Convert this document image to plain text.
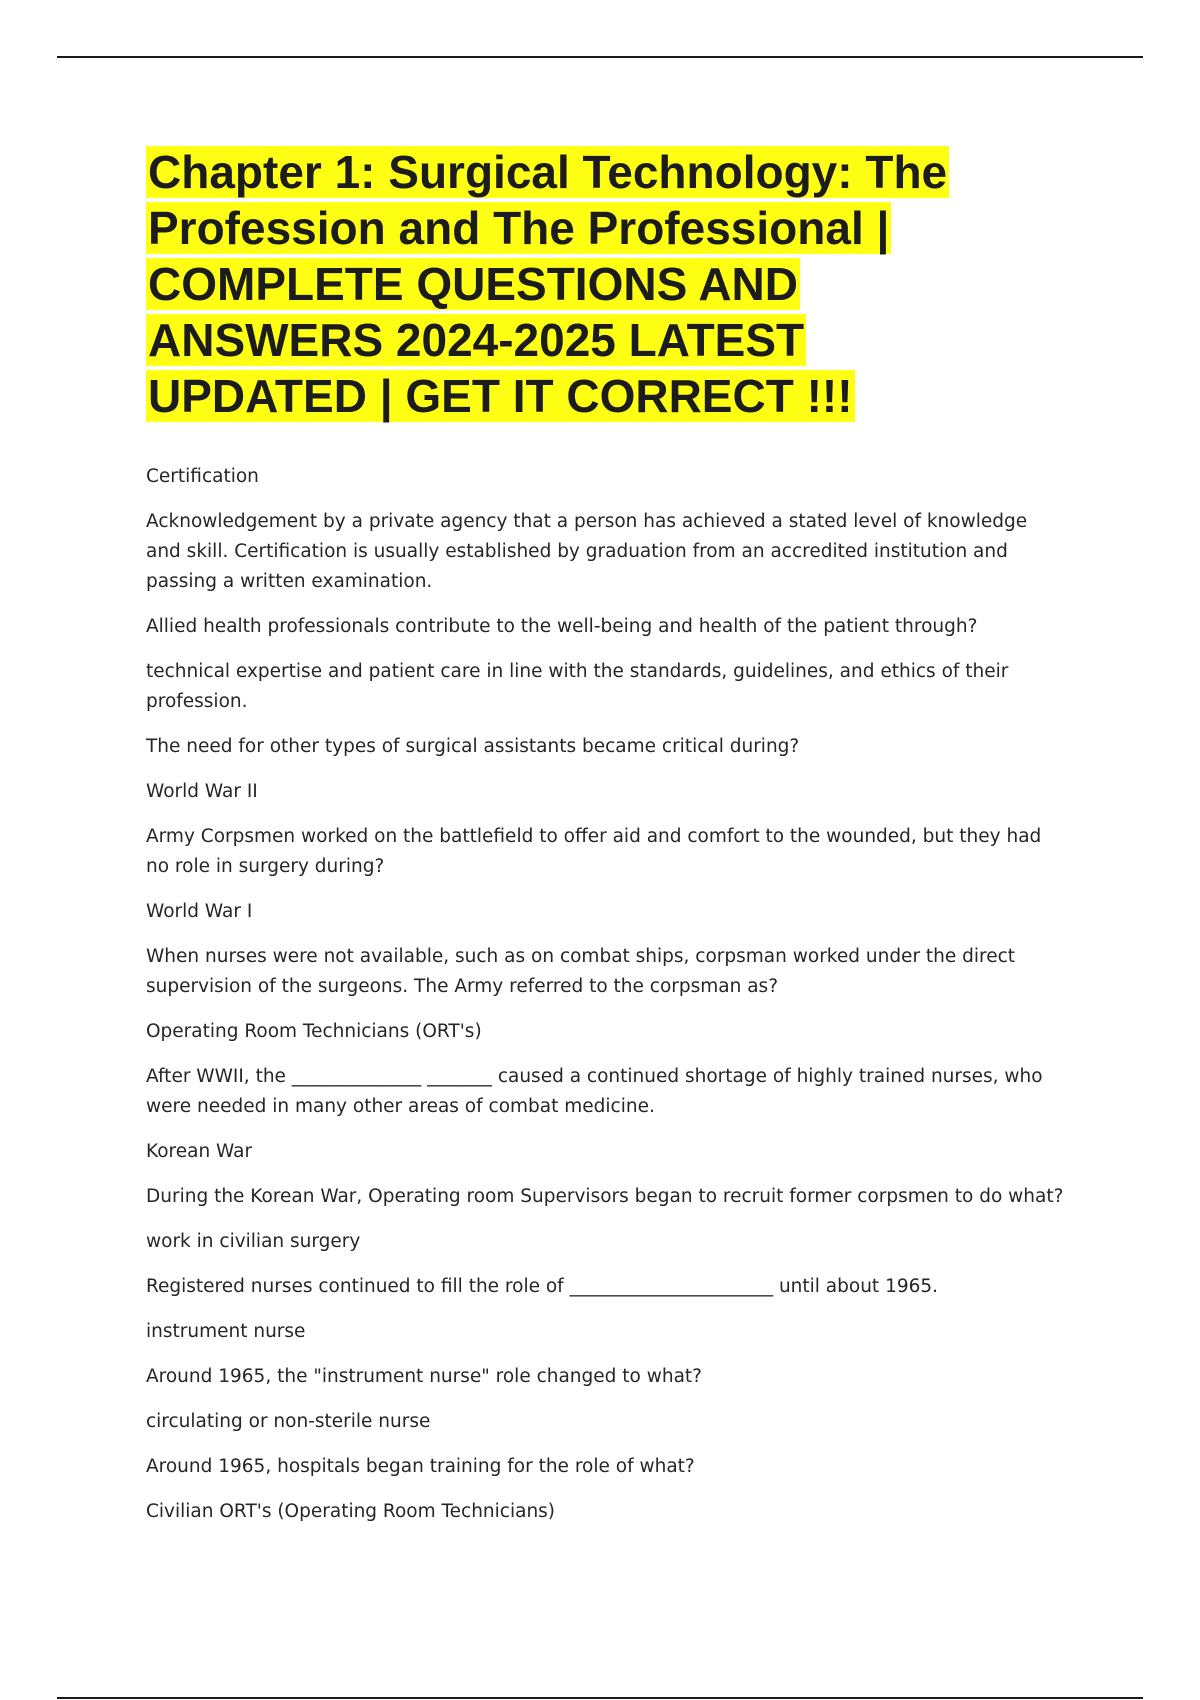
Chapter 1: Surgical Technology: The Profession and The Professional | COMPLETE QUESTIONS AND ANSWERS 2024-2025 LATEST UPDATED | GET IT CORRECT !!!

Certification

Acknowledgement by a private agency that a person has achieved a stated level of knowledge and skill. Certification is usually established by graduation from an accredited institution and passing a written examination.

Allied health professionals contribute to the well-being and health of the patient through?

technical expertise and patient care in line with the standards, guidelines, and ethics of their profession.

The need for other types of surgical assistants became critical during?

World War II

Army Corpsmen worked on the battlefield to offer aid and comfort to the wounded, but they had no role in surgery during?

World War I

When nurses were not available, such as on combat ships, corpsman worked under the direct supervision of the surgeons. The Army referred to the corpsman as?

Operating Room Technicians (ORT's)

After WWII, the ______________ _______ caused a continued shortage of highly trained nurses, who were needed in many other areas of combat medicine.

Korean War

During the Korean War, Operating room Supervisors began to recruit former corpsmen to do what?

work in civilian surgery

Registered nurses continued to fill the role of ______________________ until about 1965.

instrument nurse

Around 1965, the "instrument nurse" role changed to what?

circulating or non-sterile nurse

Around 1965, hospitals began training for the role of what?

Civilian ORT's (Operating Room Technicians)
